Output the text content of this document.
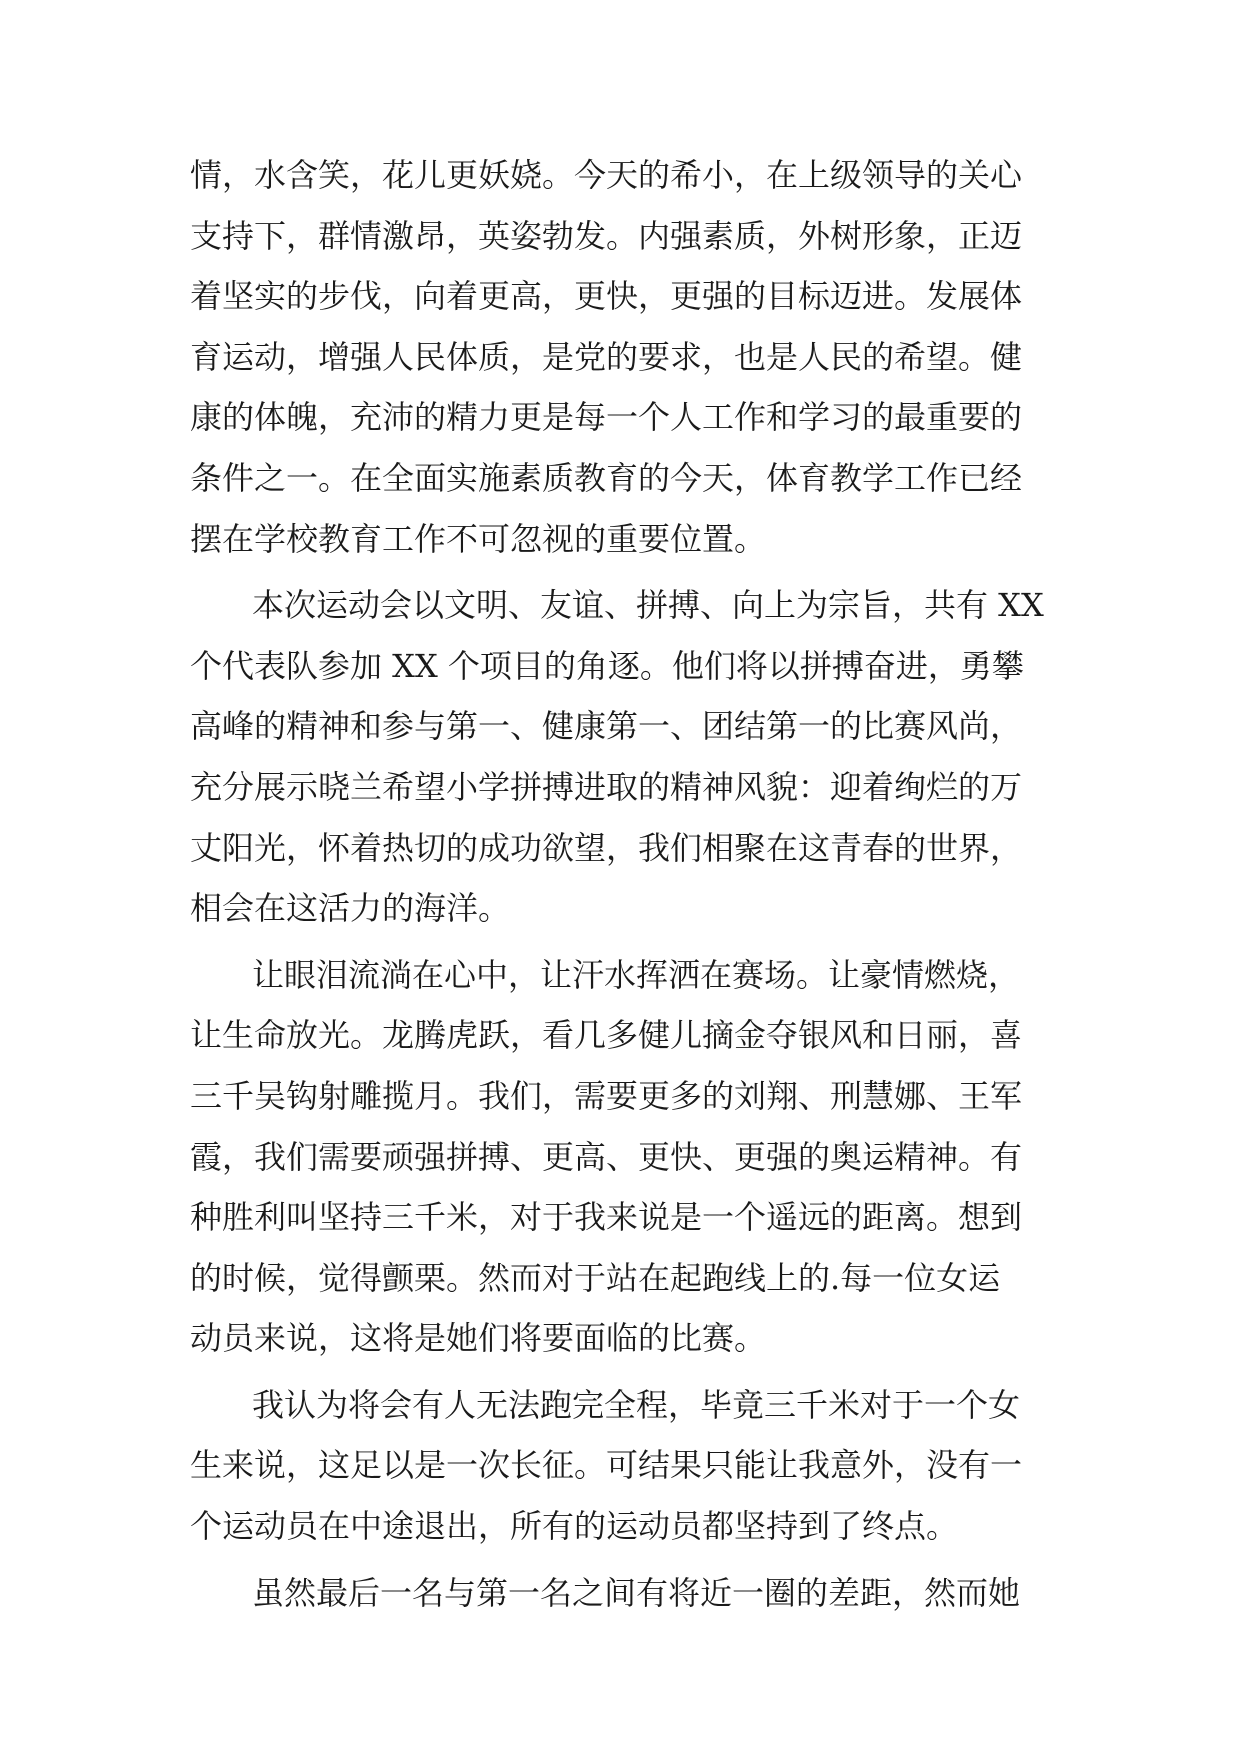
情，水含笑，花儿更妖娆。今天的希小，在上级领导的关心
支持下，群情激昂，英姿勃发。内强素质，外树形象，正迈
着坚实的步伐，向着更高，更快，更强的目标迈进。发展体
育运动，增强人民体质，是党的要求，也是人民的希望。健
康的体魄，充沛的精力更是每一个人工作和学习的最重要的
条件之一。在全面实施素质教育的今天，体育教学工作已经
摆在学校教育工作不可忽视的重要位置。
本次运动会以文明、友谊、拼搏、向上为宗旨，共有 XX
个代表队参加 XX 个项目的角逐。他们将以拼搏奋进，勇攀
高峰的精神和参与第一、健康第一、团结第一的比赛风尚，
充分展示晓兰希望小学拼搏进取的精神风貌：迎着绚烂的万
丈阳光，怀着热切的成功欲望，我们相聚在这青春的世界，
相会在这活力的海洋。
让眼泪流淌在心中，让汗水挥洒在赛场。让豪情燃烧，
让生命放光。龙腾虎跃，看几多健儿摘金夺银风和日丽，喜
三千吴钩射雕揽月。我们，需要更多的刘翔、刑慧娜、王军
霞，我们需要顽强拼搏、更高、更快、更强的奥运精神。有
种胜利叫坚持三千米，对于我来说是一个遥远的距离。想到
的时候，觉得颤栗。然而对于站在起跑线上的.每一位女运
动员来说，这将是她们将要面临的比赛。
我认为将会有人无法跑完全程，毕竟三千米对于一个女
生来说，这足以是一次长征。可结果只能让我意外，没有一
个运动员在中途退出，所有的运动员都坚持到了终点。
虽然最后一名与第一名之间有将近一圈的差距，然而她
